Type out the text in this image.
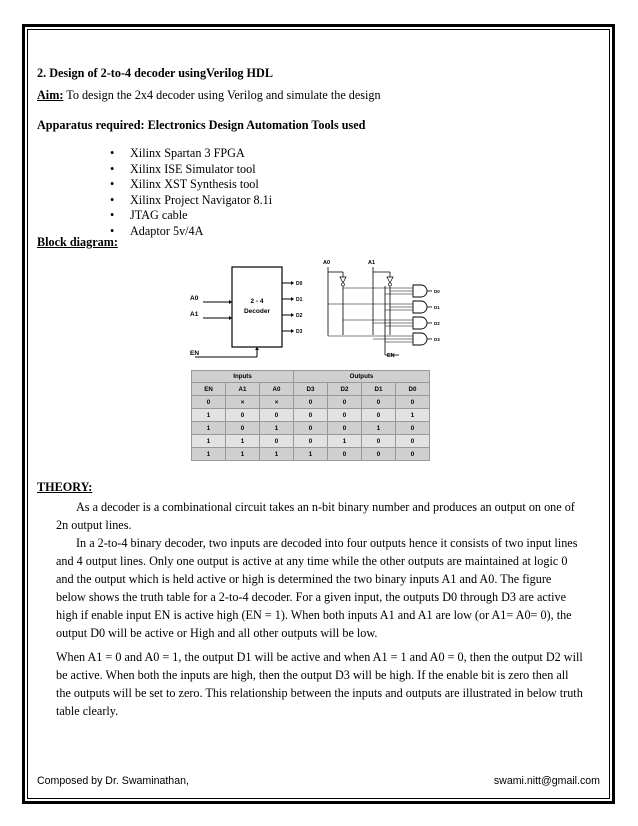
2. Design of 2-to-4 decoder usingVerilog HDL
Aim: To design the 2x4 decoder using Verilog and simulate the design
Apparatus required: Electronics Design Automation Tools used
• Xilinx Spartan 3 FPGA
• Xilinx ISE Simulator tool
• Xilinx XST Synthesis tool
• Xilinx Project Navigator 8.1i
• JTAG cable
• Adaptor 5v/4A
Block diagram:
2 - 4
Decoder
A0
A1
D0
D1
D2
D3
EN
A0	A1
D0
D1
D2
D3
EN
Inputs			Outputs			
EN	A1	A0	D3	D2	D1	D0
0	×	×	0	0	0	0
1	0	0	0	0	0	1
1	0	1	0	0	1	0
1	1	0	0	1	0	0
1	1	1	1	0	0	0
THEORY:
As a decoder is a combinational circuit takes an n-bit binary number and produces an output on one of
2n output lines.
In a 2-to-4 binary decoder, two inputs are decoded into four outputs hence it consists of two input lines
and 4 output lines. Only one output is active at any time while the other outputs are maintained at logic 0
and the output which is held active or high is determined the two binary inputs A1 and A0. The figure
below shows the truth table for a 2-to-4 decoder. For a given input, the outputs D0 through D3 are active
high if enable input EN is active high (EN = 1). When both inputs A1 and A1 are low (or A1= A0= 0), the
output D0 will be active or High and all other outputs will be low.
When A1 = 0 and A0 = 1, the output D1 will be active and when A1 = 1 and A0 = 0, then the output D2 will
be active. When both the inputs are high, then the output D3 will be high. If the enable bit is zero then all
the outputs will be set to zero. This relationship between the inputs and outputs are illustrated in below truth
table clearly.
Composed by Dr. Swaminathan,	swami.nitt@gmail.com
